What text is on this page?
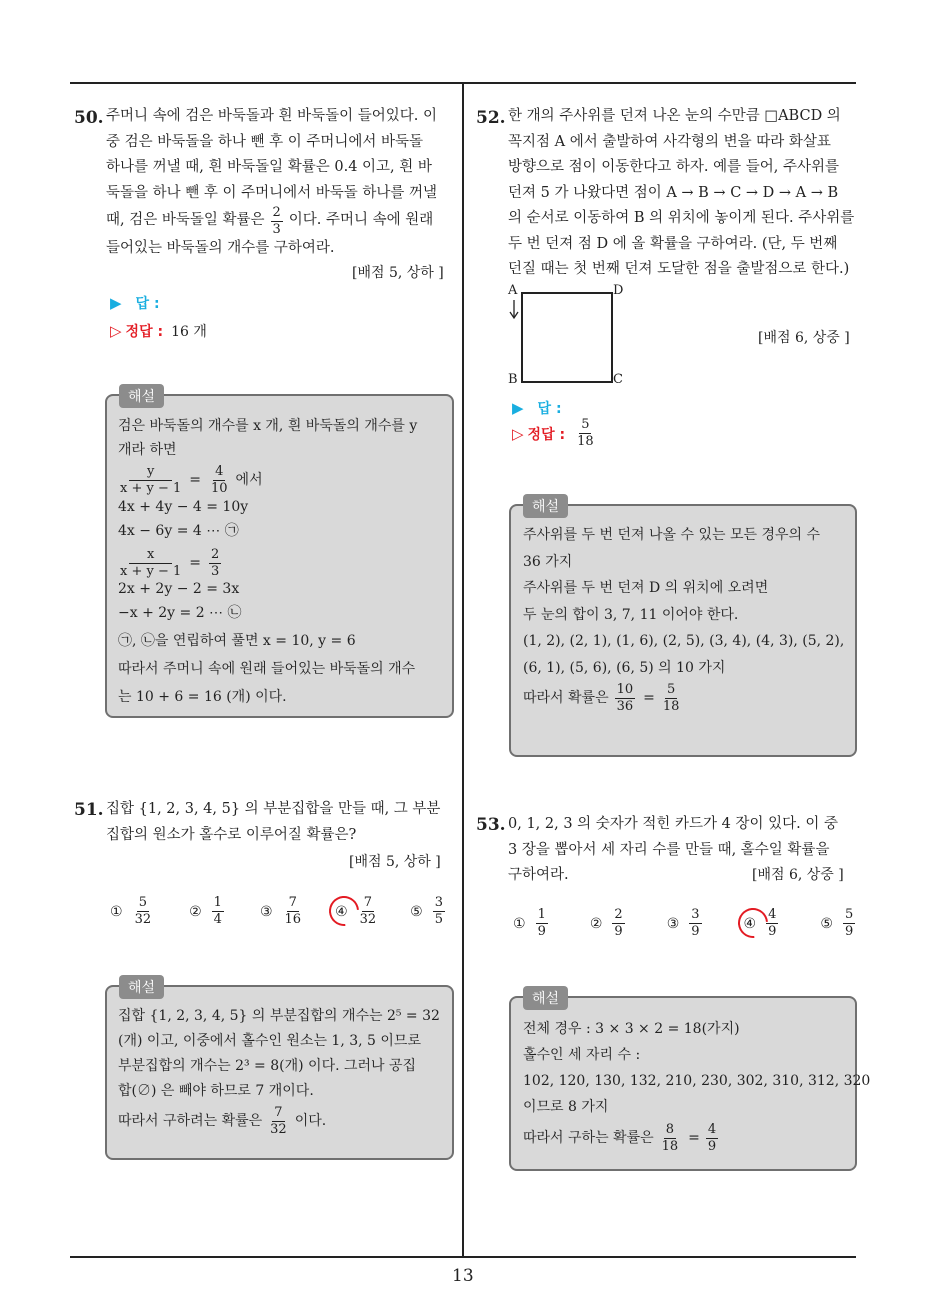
13
50. 주머니 속에 검은 바둑돌과 흰 바둑돌이 들어있다. 이
중 검은 바둑돌을 하나 뺀 후 이 주머니에서 바둑돌
하나를 꺼낼 때, 흰 바둑돌일 확률은 0.4 이고, 흰 바
둑돌을 하나 뺀 후 이 주머니에서 바둑돌 하나를 꺼낼
때, 검은 바둑돌일 확률은 $\frac{2}{3}$ 이다. 주머니 속에 원래
들어있는 바둑돌의 개수를 구하여라.
[배점 5, 상하 ]
▶ 답 :
▷ 정답 : 16 개
해설
검은 바둑돌의 개수를 x 개, 흰 바둑돌의 개수를 y
개라 하면
$\frac{y}{x + y - 1} = \frac{4}{10}$ 에서
4x + 4y − 4 = 10y
4x − 6y = 4 ⋯ ㉠
$\frac{x}{x + y - 1} = \frac{2}{3}$
2x + 2y − 2 = 3x
−x + 2y = 2 ⋯ ㉡
㉠, ㉡을 연립하여 풀면 x = 10, y = 6
따라서 주머니 속에 원래 들어있는 바둑돌의 개수
는 10 + 6 = 16 (개) 이다.
51. 집합 {1, 2, 3, 4, 5} 의 부분집합을 만들 때, 그 부분
집합의 원소가 홀수로 이루어질 확률은?
[배점 5, 상하 ]
① $\frac{5}{32}$	② $\frac{1}{4}$	③ $\frac{7}{16}$ ④ $\frac{7}{32}$ ⑤ $\frac{3}{5}$
해설
집합 {1, 2, 3, 4, 5} 의 부분집합의 개수는 2⁵ = 32
(개) 이고, 이중에서 홀수인 원소는 1, 3, 5 이므로
부분집합의 개수는 2³ = 8(개) 이다. 그러나 공집
합(∅) 은 빼야 하므로 7 개이다.
따라서 구하려는 확률은 $\frac{7}{32}$ 이다.
52. 한 개의 주사위를 던져 나온 눈의 수만큼 □ABCD 의
꼭지점 A 에서 출발하여 사각형의 변을 따라 화살표
방향으로 점이 이동한다고 하자. 예를 들어, 주사위를
던져 5 가 나왔다면 점이 A → B → C → D → A → B
의 순서로 이동하여 B 의 위치에 놓이게 된다. 주사위를
두 번 던져 점 D 에 올 확률을 구하여라. (단, 두 번째
던질 때는 첫 번째 던져 도달한 점을 출발점으로 한다.)
A	D
B	C
[배점 6, 상중 ]
▶ 답 :
▷ 정답 : $\frac{5}{18}$
해설
주사위를 두 번 던져 나올 수 있는 모든 경우의 수
36 가지
주사위를 두 번 던져 D 의 위치에 오려면
두 눈의 합이 3, 7, 11 이어야 한다.
(1, 2), (2, 1), (1, 6), (2, 5), (3, 4), (4, 3), (5, 2),
(6, 1), (5, 6), (6, 5) 의 10 가지
따라서 확률은 $\frac{10}{36} = \frac{5}{18}$
53. 0, 1, 2, 3 의 숫자가 적힌 카드가 4 장이 있다. 이 중
3 장을 뽑아서 세 자리 수를 만들 때, 홀수일 확률을
구하여라.	[배점 6, 상중 ]
① $\frac{1}{9}$	② $\frac{2}{9}$	③ $\frac{3}{9}$	④ $\frac{4}{9}$	⑤ $\frac{5}{9}$
해설
전체 경우 : 3 × 3 × 2 = 18(가지)
홀수인 세 자리 수 :
102, 120, 130, 132, 210, 230, 302, 310, 312, 320
이므로 8 가지
따라서 구하는 확률은 $\frac{8}{18} = \frac{4}{9}$
